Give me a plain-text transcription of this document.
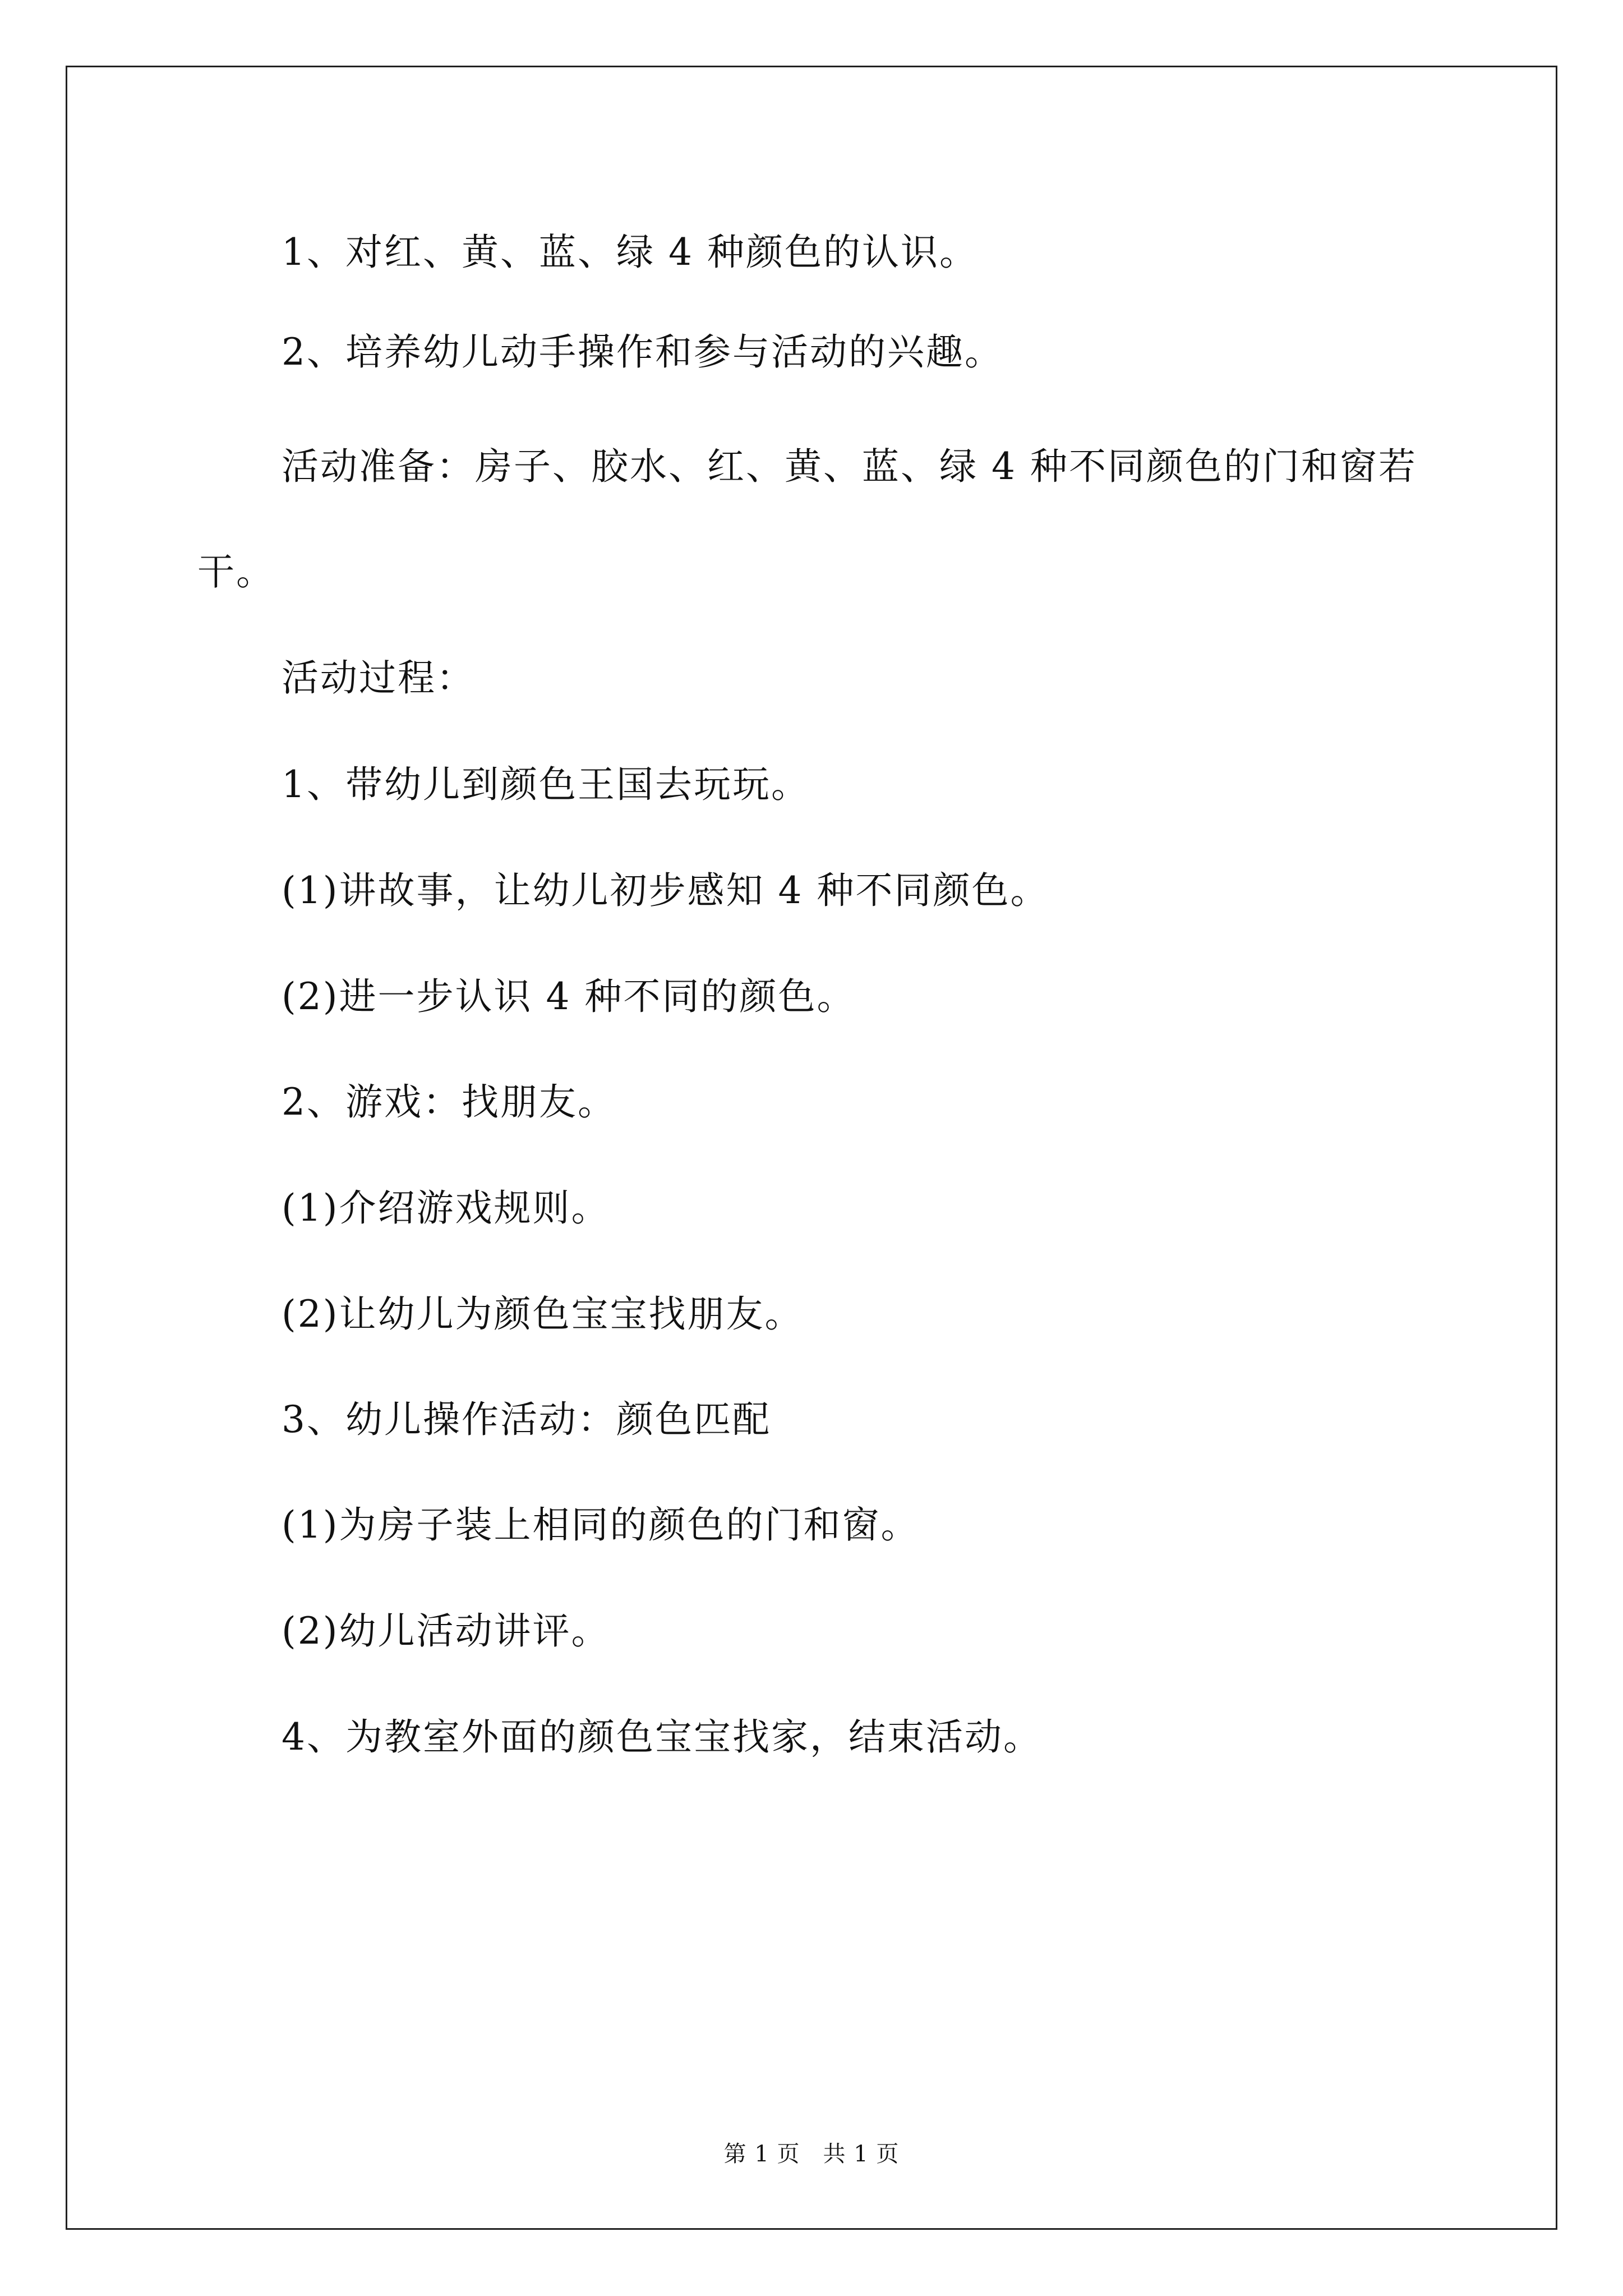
1、对红、黄、蓝、绿 4 种颜色的认识。
2、培养幼儿动手操作和参与活动的兴趣。
活动准备：房子、胶水、红、黄、蓝、绿 4 种不同颜色的门和窗若干。
活动过程：
1、带幼儿到颜色王国去玩玩。
(1)讲故事，让幼儿初步感知 4 种不同颜色。
(2)进一步认识 4 种不同的颜色。
2、游戏：找朋友。
(1)介绍游戏规则。
(2)让幼儿为颜色宝宝找朋友。
3、幼儿操作活动：颜色匹配
(1)为房子装上相同的颜色的门和窗。
(2)幼儿活动讲评。
4、为教室外面的颜色宝宝找家，结束活动。
第 1 页　共 1 页
